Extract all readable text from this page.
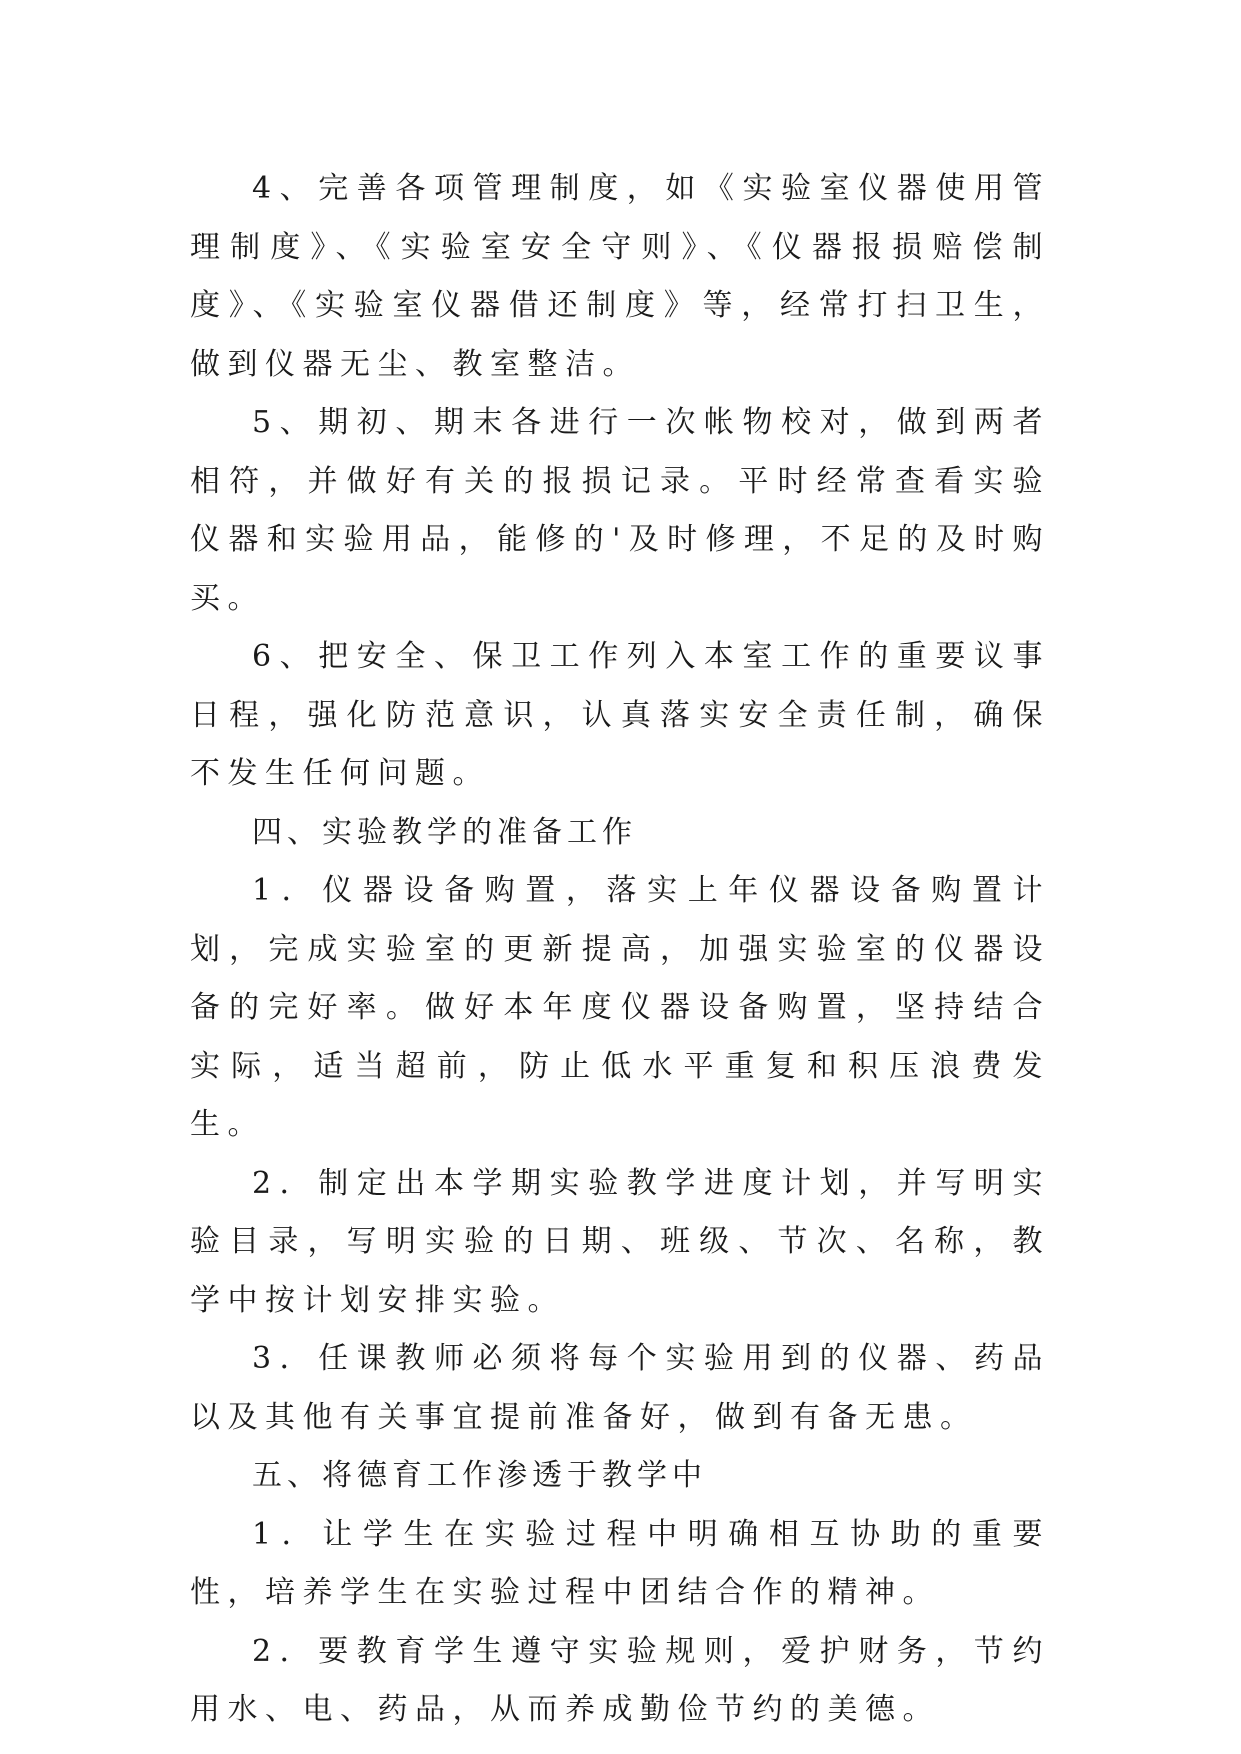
4、完善各项管理制度，如《实验室仪器使用管理制度》、《实验室安全守则》、《仪器报损赔偿制度》、《实验室仪器借还制度》等，经常打扫卫生，做到仪器无尘、教室整洁。

5、期初、期末各进行一次帐物校对，做到两者相符，并做好有关的报损记录。平时经常查看实验仪器和实验用品，能修的'及时修理，不足的及时购买。

6、把安全、保卫工作列入本室工作的重要议事日程，强化防范意识，认真落实安全责任制，确保不发生任何问题。

四、实验教学的准备工作

1．仪器设备购置，落实上年仪器设备购置计划，完成实验室的更新提高，加强实验室的仪器设备的完好率。做好本年度仪器设备购置，坚持结合实际，适当超前，防止低水平重复和积压浪费发生。

2．制定出本学期实验教学进度计划，并写明实验目录，写明实验的日期、班级、节次、名称，教学中按计划安排实验。

3．任课教师必须将每个实验用到的仪器、药品以及其他有关事宜提前准备好，做到有备无患。

五、将德育工作渗透于教学中

1．让学生在实验过程中明确相互协助的重要性，培养学生在实验过程中团结合作的精神。

2．要教育学生遵守实验规则，爱护财务，节约用水、电、药品，从而养成勤俭节约的美德。
